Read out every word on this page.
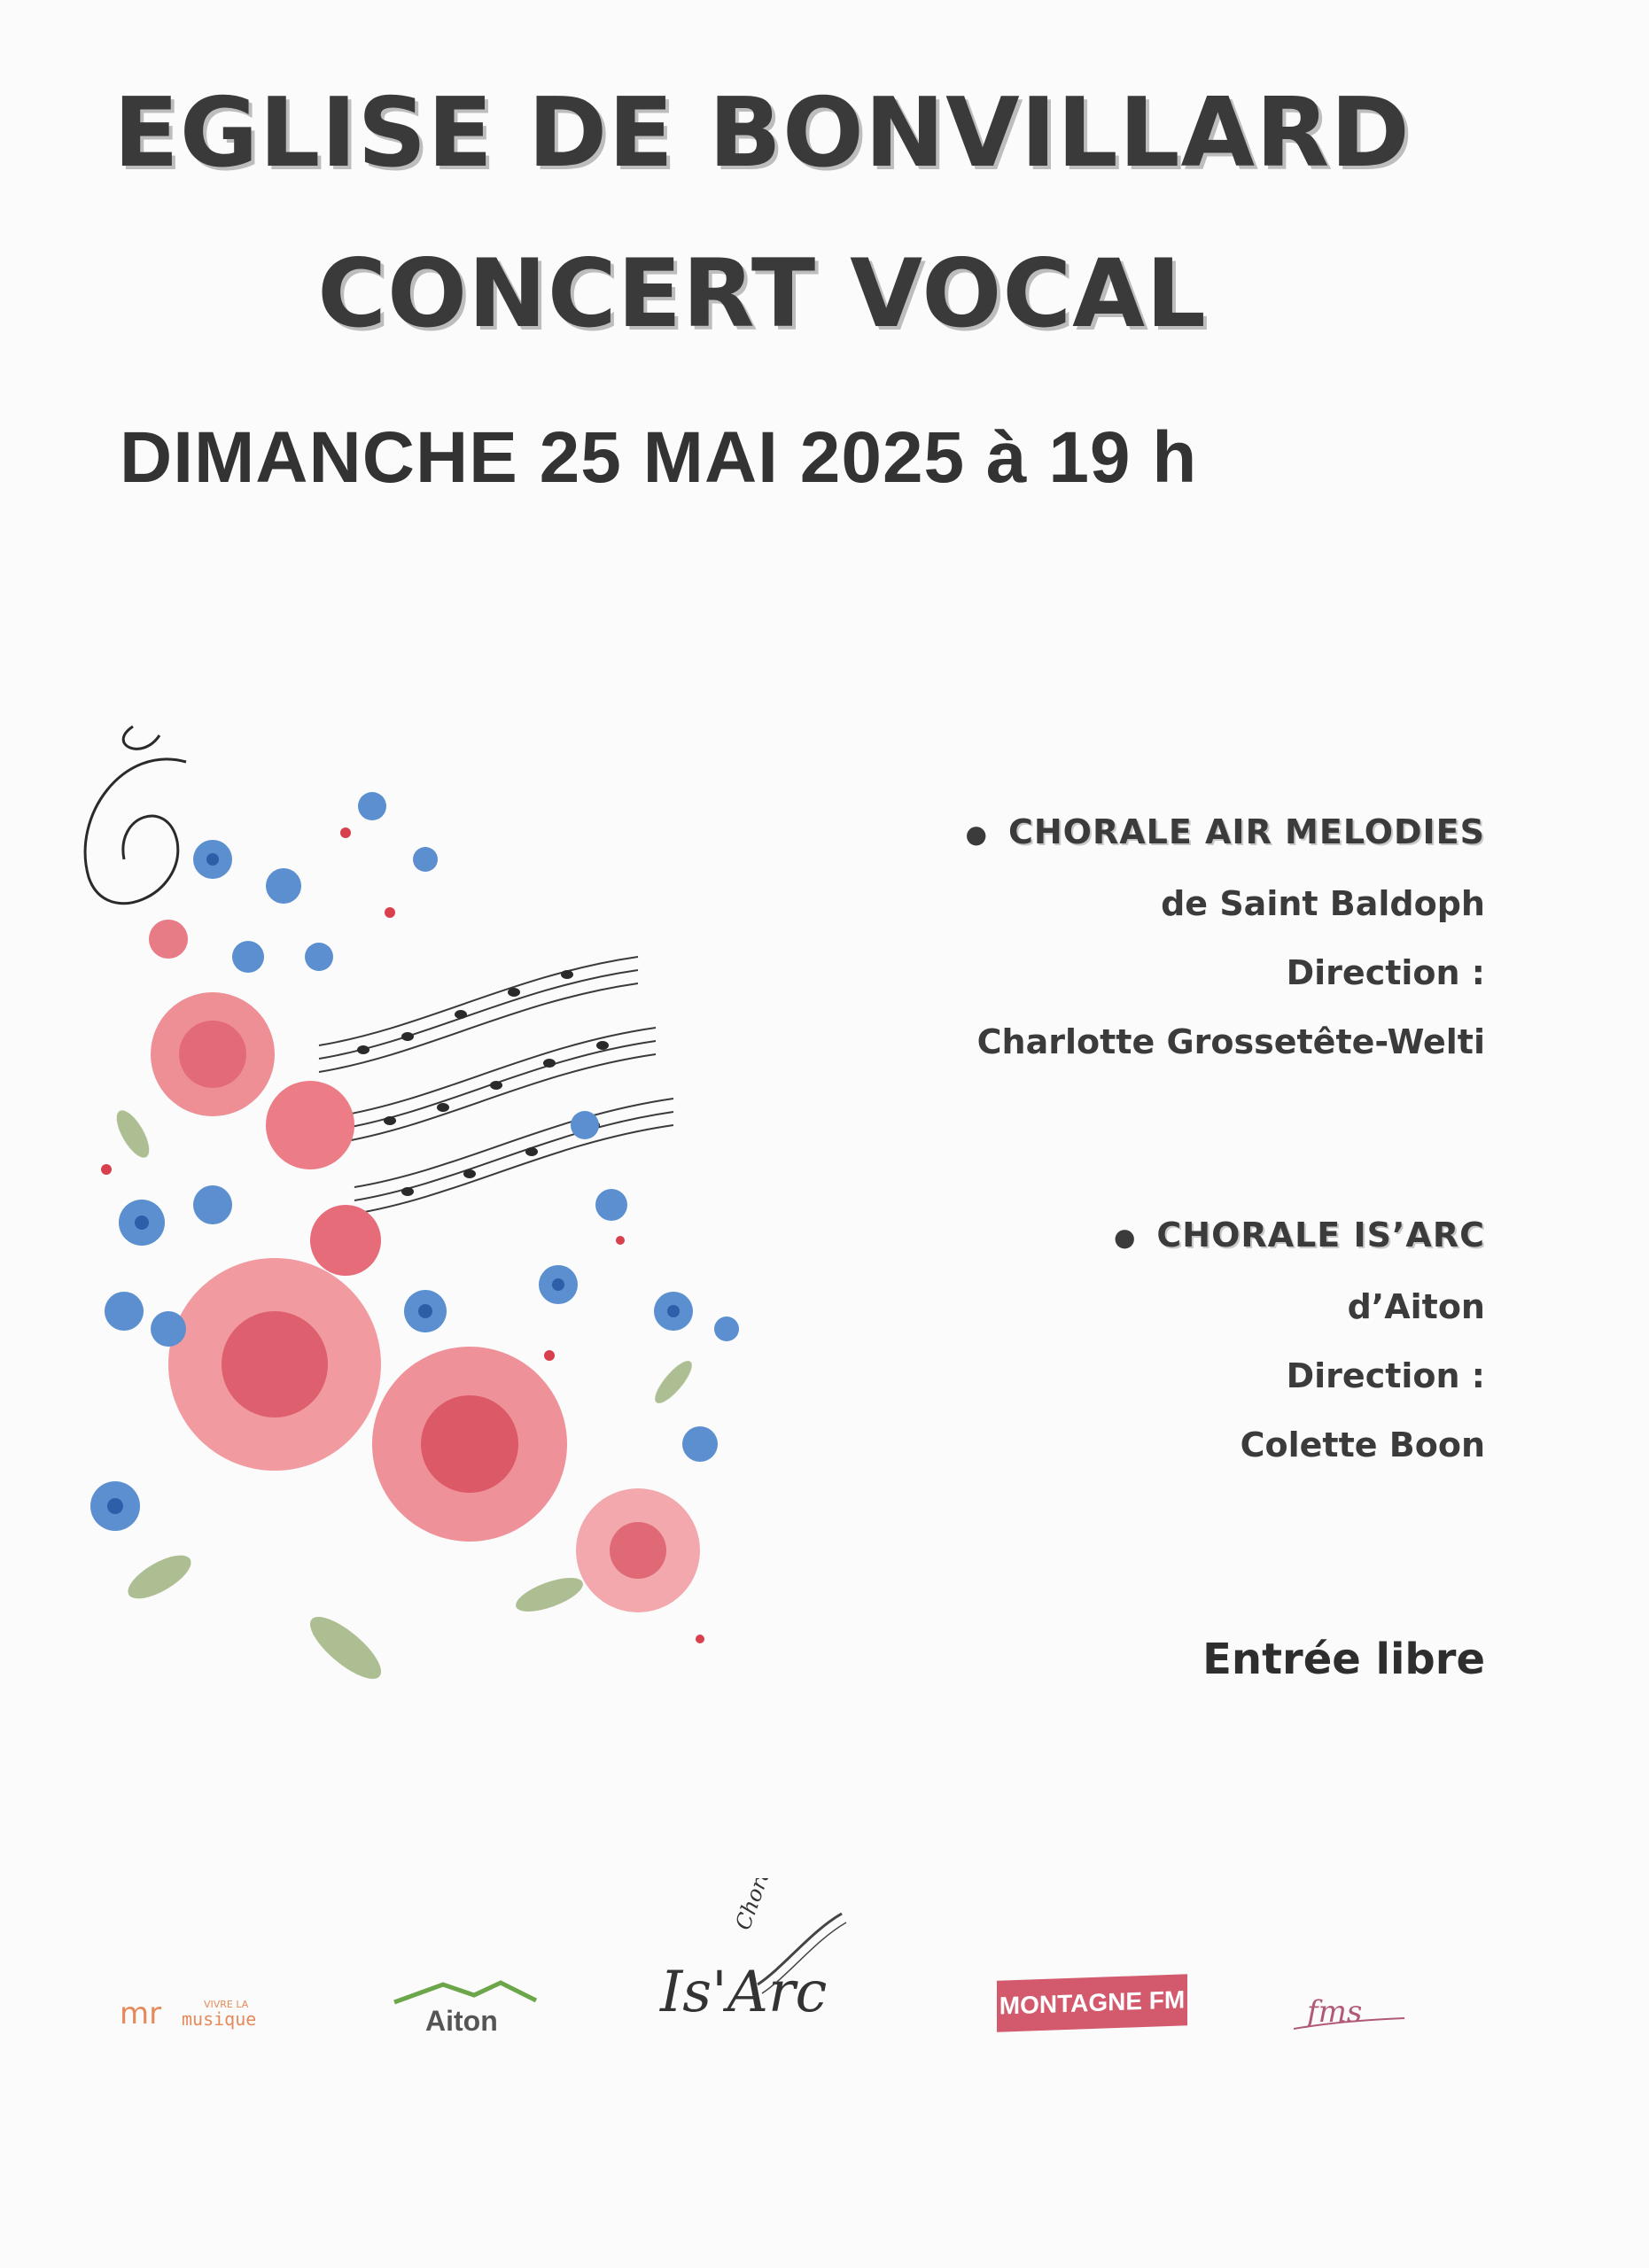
EGLISE DE BONVILLARD
CONCERT VOCAL
DIMANCHE 25 MAI 2025 à 19 h
● CHORALE AIR MELODIES
de Saint Baldoph
Direction :
Charlotte Grossetête-Welti
● CHORALE IS’ARC
d’Aiton
Direction :
Colette Boon
Entrée libre
mr	VIVRE LA
musique	Aiton
Chorale
Is'Arc	MONTAGNE FM	fms
